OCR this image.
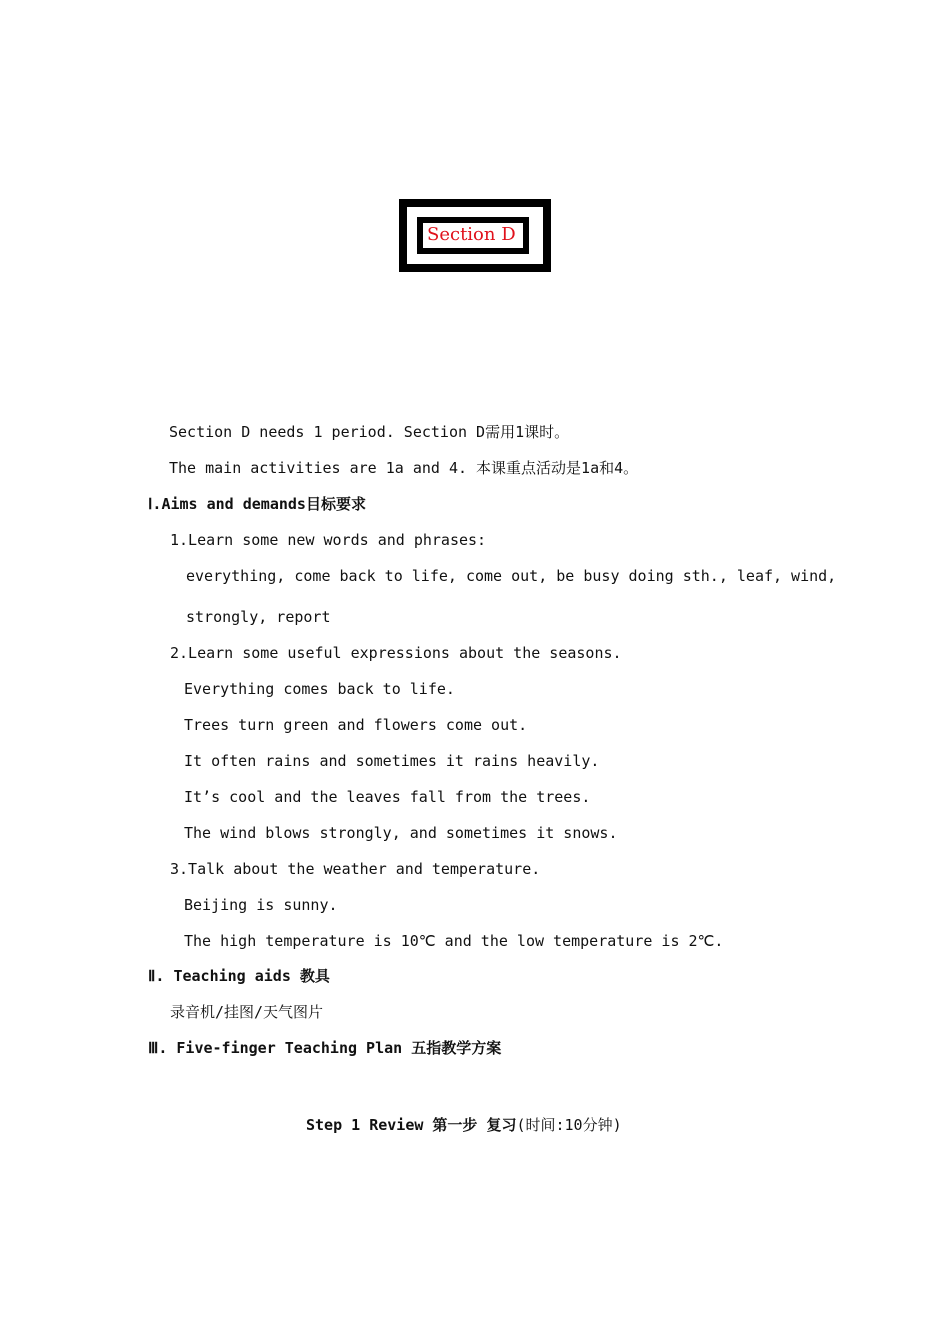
Section D
Section D needs 1 period. Section D需用1课时。
The main activities are 1a and 4. 本课重点活动是1a和4。
Ⅰ.Aims and demands目标要求
1.Learn some new words and phrases:
everything, come back to life, come out, be busy doing sth., leaf, wind,
strongly, report
2.Learn some useful expressions about the seasons.
Everything comes back to life.
Trees turn green and flowers come out.
It often rains and sometimes it rains heavily.
It’s cool and the leaves fall from the trees.
The wind blows strongly, and sometimes it snows.
3.Talk about the weather and temperature.
Beijing is sunny.
The high temperature is 10℃ and the low temperature is 2℃.
Ⅱ. Teaching aids 教具
录音机/挂图/天气图片
Ⅲ. Five-finger Teaching Plan 五指教学方案
Step 1 Review 第一步 复习(时间:10分钟)
